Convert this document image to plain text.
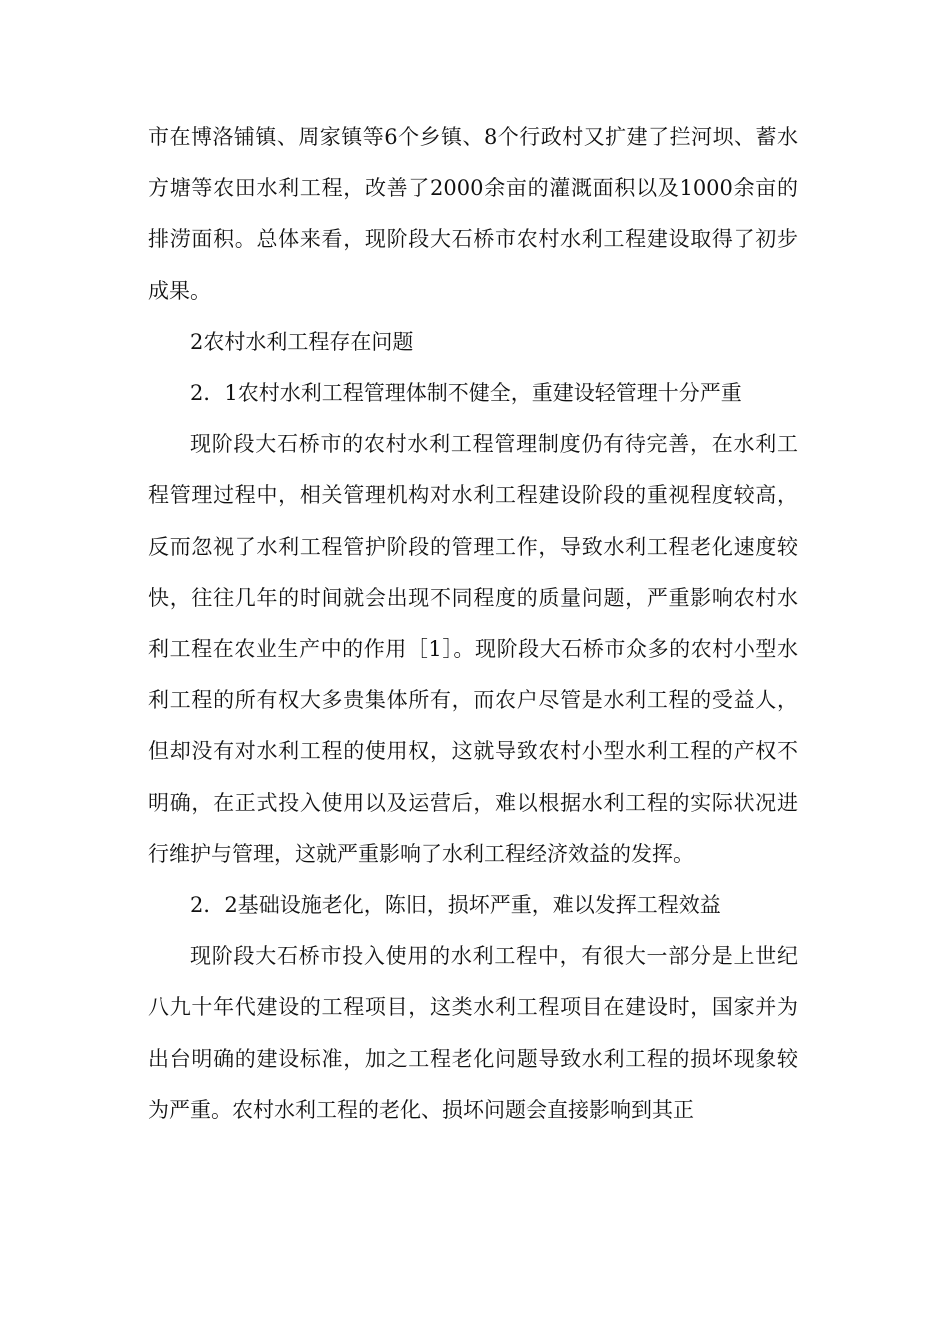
市在博洛铺镇、周家镇等6个乡镇、8个行政村又扩建了拦河坝、蓄水方塘等农田水利工程，改善了2000余亩的灌溉面积以及1000余亩的排涝面积。总体来看，现阶段大石桥市农村水利工程建设取得了初步成果。

2农村水利工程存在问题

2．1农村水利工程管理体制不健全，重建设轻管理十分严重

现阶段大石桥市的农村水利工程管理制度仍有待完善，在水利工程管理过程中，相关管理机构对水利工程建设阶段的重视程度较高，反而忽视了水利工程管护阶段的管理工作，导致水利工程老化速度较快，往往几年的时间就会出现不同程度的质量问题，严重影响农村水利工程在农业生产中的作用［1］。现阶段大石桥市众多的农村小型水利工程的所有权大多贵集体所有，而农户尽管是水利工程的受益人，但却没有对水利工程的使用权，这就导致农村小型水利工程的产权不明确，在正式投入使用以及运营后，难以根据水利工程的实际状况进行维护与管理，这就严重影响了水利工程经济效益的发挥。

2．2基础设施老化，陈旧，损坏严重，难以发挥工程效益

现阶段大石桥市投入使用的水利工程中，有很大一部分是上世纪八九十年代建设的工程项目，这类水利工程项目在建设时，国家并为出台明确的建设标准，加之工程老化问题导致水利工程的损坏现象较为严重。农村水利工程的老化、损坏问题会直接影响到其正
